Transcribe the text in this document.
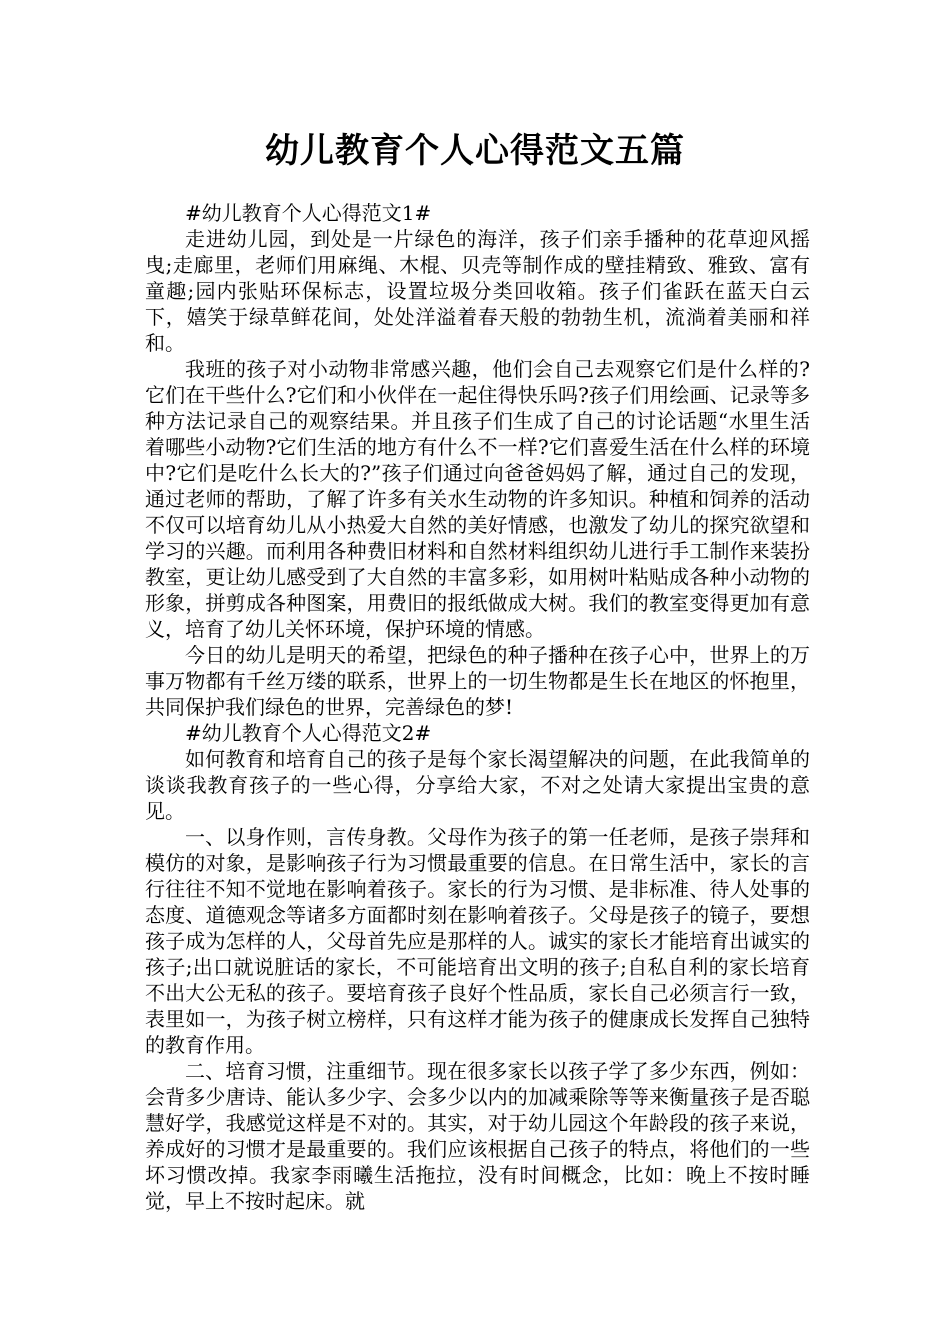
幼儿教育个人心得范文五篇

#幼儿教育个人心得范文1#

走进幼儿园，到处是一片绿色的海洋，孩子们亲手播种的花草迎风摇曳;走廊里，老师们用麻绳、木棍、贝壳等制作成的壁挂精致、雅致、富有童趣;园内张贴环保标志，设置垃圾分类回收箱。孩子们雀跃在蓝天白云下，嬉笑于绿草鲜花间，处处洋溢着春天般的勃勃生机，流淌着美丽和祥和。

我班的孩子对小动物非常感兴趣，他们会自己去观察它们是什么样的?它们在干些什么?它们和小伙伴在一起住得快乐吗?孩子们用绘画、记录等多种方法记录自己的观察结果。并且孩子们生成了自己的讨论话题“水里生活着哪些小动物?它们生活的地方有什么不一样?它们喜爱生活在什么样的环境中?它们是吃什么长大的?”孩子们通过向爸爸妈妈了解，通过自己的发现，通过老师的帮助，了解了许多有关水生动物的许多知识。种植和饲养的活动不仅可以培育幼儿从小热爱大自然的美好情感，也激发了幼儿的探究欲望和学习的兴趣。而利用各种费旧材料和自然材料组织幼儿进行手工制作来装扮教室，更让幼儿感受到了大自然的丰富多彩，如用树叶粘贴成各种小动物的形象，拼剪成各种图案，用费旧的报纸做成大树。我们的教室变得更加有意义，培育了幼儿关怀环境，保护环境的情感。

今日的幼儿是明天的希望，把绿色的种子播种在孩子心中，世界上的万事万物都有千丝万缕的联系，世界上的一切生物都是生长在地区的怀抱里，共同保护我们绿色的世界，完善绿色的梦!

#幼儿教育个人心得范文2#

如何教育和培育自己的孩子是每个家长渴望解决的问题，在此我简单的谈谈我教育孩子的一些心得，分享给大家，不对之处请大家提出宝贵的意见。

一、以身作则，言传身教。父母作为孩子的第一任老师，是孩子崇拜和模仿的对象，是影响孩子行为习惯最重要的信息。在日常生活中，家长的言行往往不知不觉地在影响着孩子。家长的行为习惯、是非标准、待人处事的态度、道德观念等诸多方面都时刻在影响着孩子。父母是孩子的镜子，要想孩子成为怎样的人，父母首先应是那样的人。诚实的家长才能培育出诚实的孩子;出口就说脏话的家长，不可能培育出文明的孩子;自私自利的家长培育不出大公无私的孩子。要培育孩子良好个性品质，家长自己必须言行一致，表里如一，为孩子树立榜样，只有这样才能为孩子的健康成长发挥自己独特的教育作用。

二、培育习惯，注重细节。现在很多家长以孩子学了多少东西，例如：会背多少唐诗、能认多少字、会多少以内的加减乘除等等来衡量孩子是否聪慧好学，我感觉这样是不对的。其实，对于幼儿园这个年龄段的孩子来说，养成好的习惯才是最重要的。我们应该根据自己孩子的特点，将他们的一些坏习惯改掉。我家李雨曦生活拖拉，没有时间概念，比如：晚上不按时睡觉，早上不按时起床。就
